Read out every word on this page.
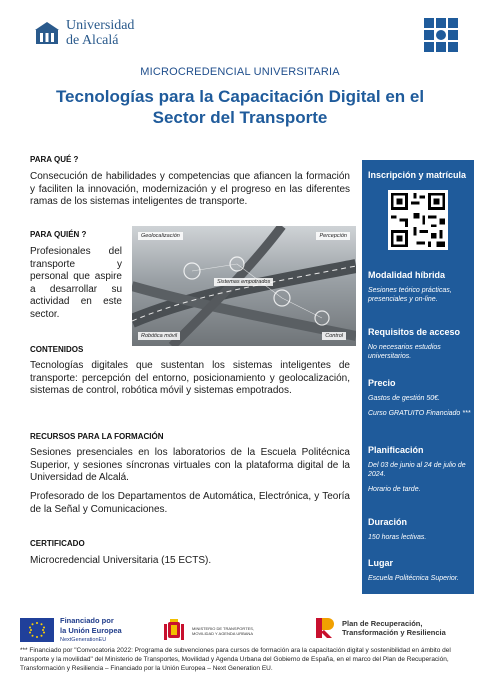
Universidad
de Alcalá
MICROCREDENCIAL UNIVERSITARIA
Tecnologías para la Capacitación Digital en el
Sector del Transporte
PARA QUÉ ?
Consecución de habilidades y competencias que afiancen la formación y faciliten la innovación, modernización y el progreso en las diferentes ramas de los sistemas inteligentes de transporte.
PARA QUIÉN ?
Profesionales del transporte y personal que aspire a desarrollar su actividad en este sector.
Geolocalización	Percepción
Sistemas empotrados
Robótica móvil	Control
CONTENIDOS
Tecnologías digitales que sustentan los sistemas inteligentes de transporte: percepción del entorno, posicionamiento y geolocalización, sistemas de control, robótica móvil y sistemas empotrados.
RECURSOS PARA LA FORMACIÓN
Sesiones presenciales en los laboratorios de la Escuela Politécnica Superior, y sesiones síncronas virtuales con la plataforma digital de la Universidad de Alcalá.
Profesorado de los Departamentos de Automática, Electrónica, y Teoría de la Señal y Comunicaciones.
CERTIFICADO
Microcredencial Universitaria (15 ECTS).
Inscripción y matrícula
Modalidad híbrida
Sesiones teórico prácticas, presenciales y on-line.
Requisitos de acceso
No necesarios estudios universitarios.
Precio
Gastos de gestión 50€.
Curso GRATUITO Financiado ***
Planificación
Del 03 de junio al 24 de julio de 2024.
Horario de tarde.
Duración
150 horas lectivas.
Lugar
Escuela Politécnica Superior.
Financiado por
la Unión Europea
NextGenerationEU
MINISTERIO DE TRANSPORTES, MOVILIDAD Y AGENDA URBANA
Plan de Recuperación,
Transformación y Resiliencia
*** Financiado por "Convocatoria 2022: Programa de subvenciones para cursos de formación ara la capacitación digital y sostenibilidad en ámbito del transporte y la movilidad" del Ministerio de Transportes, Movilidad y Agenda Urbana del Gobierno de España, en el marco del Plan de Recuperación, Transformación y Resiliencia – Financiado por la Unión Europea – Next Generation EU.
